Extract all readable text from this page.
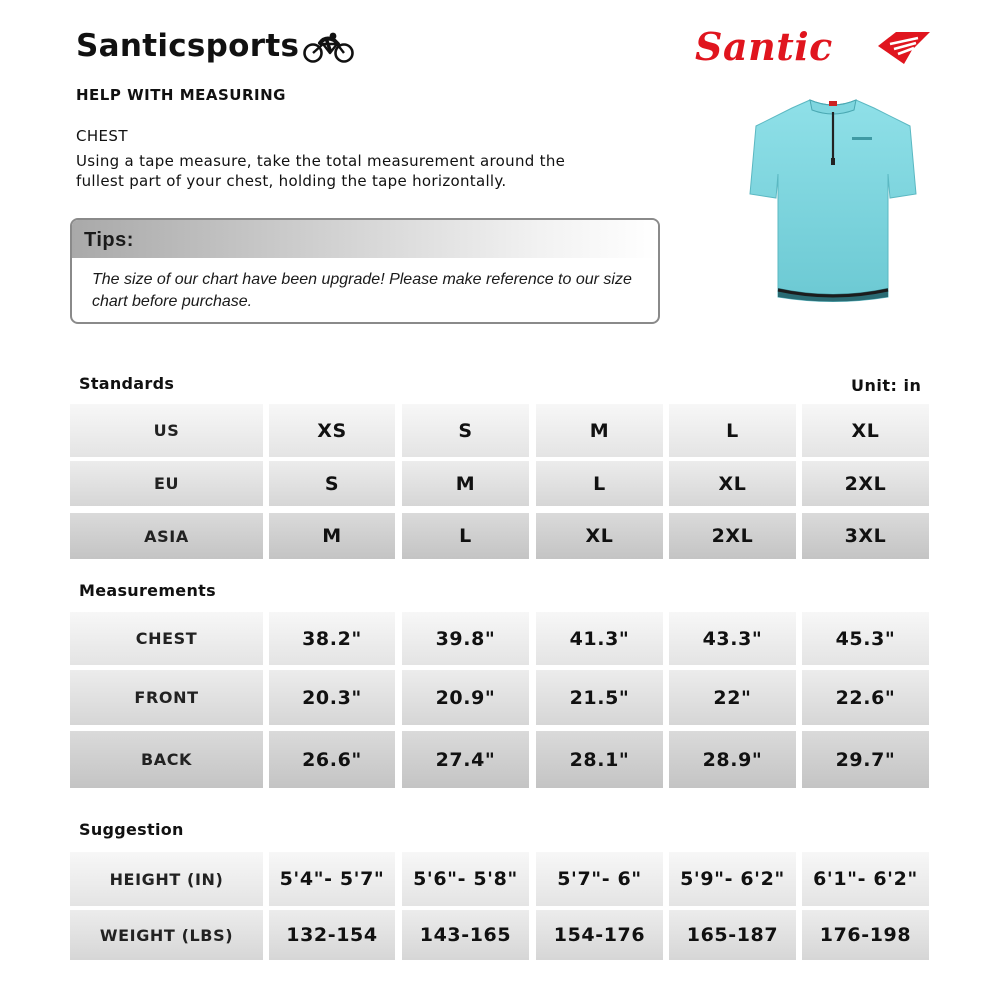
Santicsports	Santic
HELP WITH MEASURING
CHEST
Using a tape measure, take the total measurement around the fullest part of your chest, holding the tape horizontally.
Tips:
The size of our chart have been upgrade! Please make reference to our size chart before purchase.
Standards	Unit: in
US	XS	S	M	L	XL
EU	S	M	L	XL	2XL
ASIA	M	L	XL	2XL	3XL
Measurements
CHEST	38.2"	39.8"	41.3"	43.3"	45.3"
FRONT	20.3"	20.9"	21.5"	22"	22.6"
BACK	26.6"	27.4"	28.1"	28.9"	29.7"
Suggestion
HEIGHT (IN)	5'4"- 5'7"	5'6"- 5'8"	5'7"- 6"	5'9"- 6'2"	6'1"- 6'2"
WEIGHT (LBS)	132-154	143-165	154-176	165-187	176-198
